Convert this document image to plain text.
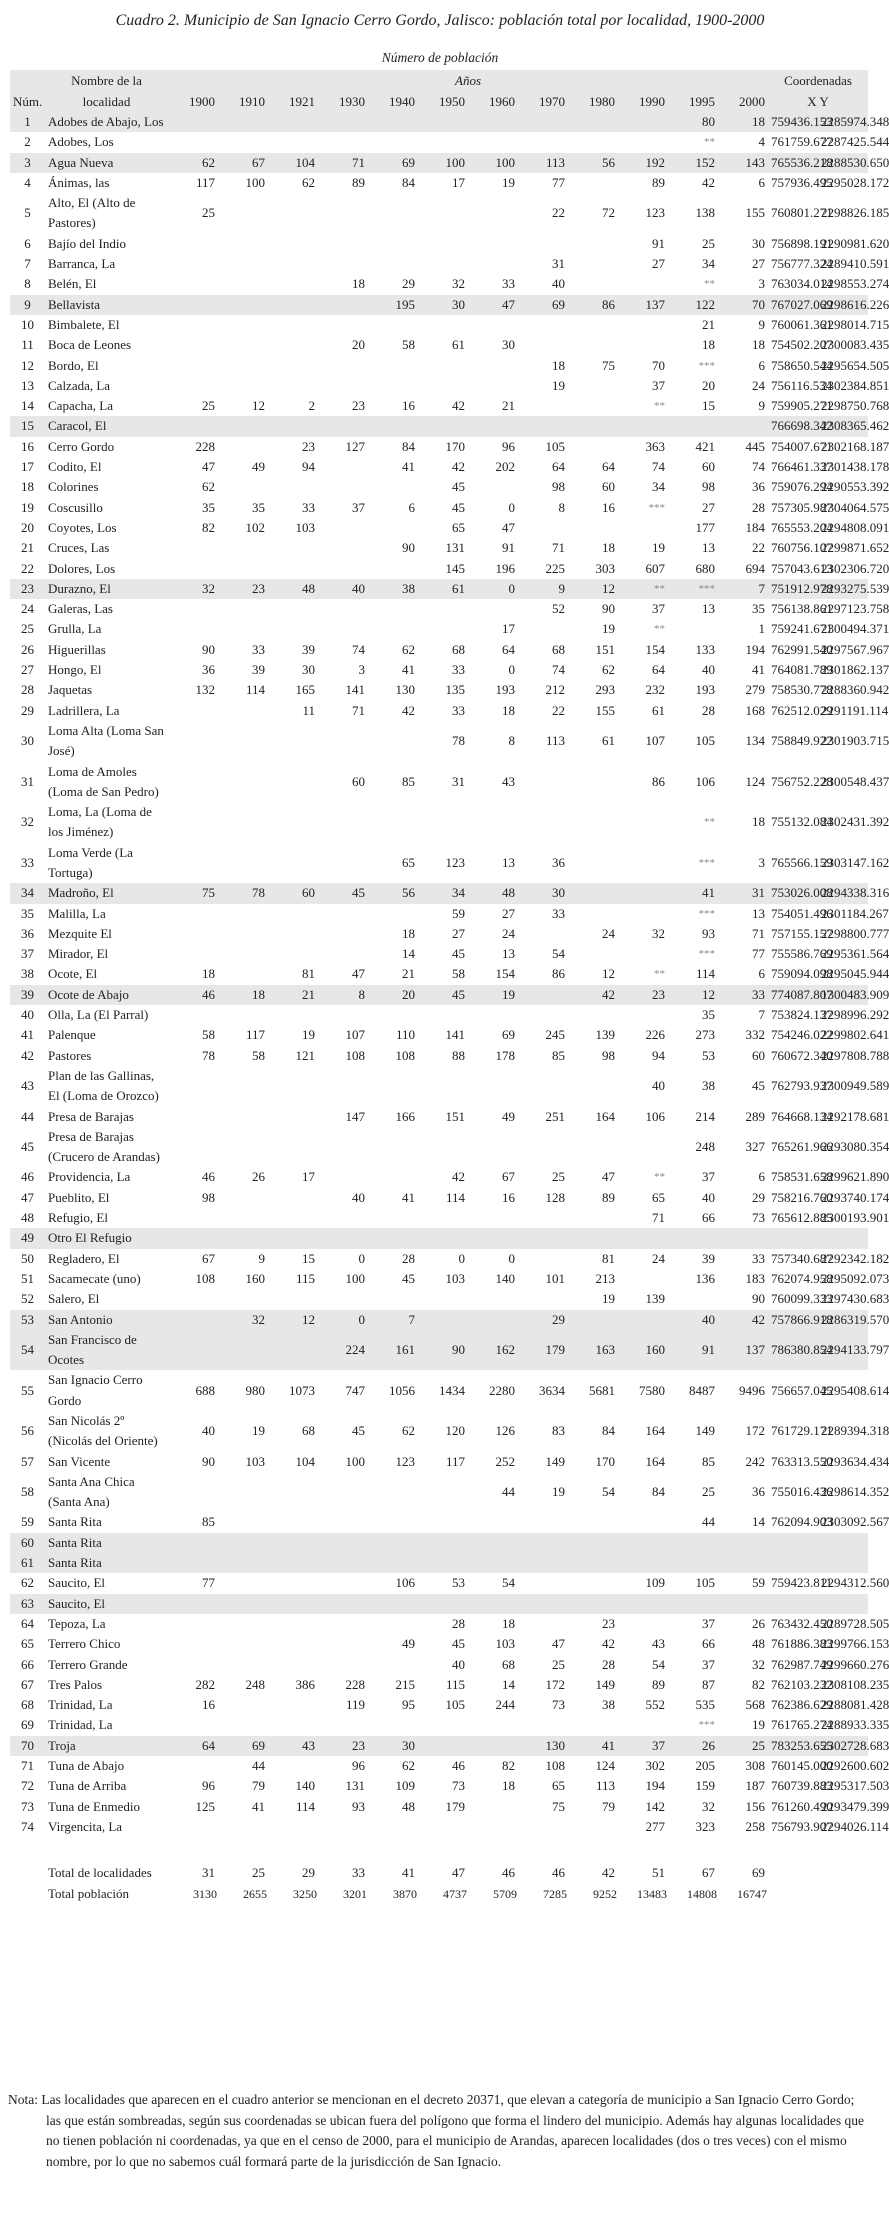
Cuadro 2. Municipio de San Ignacio Cerro Gordo, Jalisco: población total por localidad, 1900-2000
Número de población
	Nombre de la	Años												Coordenadas	
Núm.	localidad	1900	1910	1921	1930	1940	1950	1960	1970	1980	1990	1995	2000	X Y	
1	Adobes de Abajo, Los											80	18	759436.153	2285974.348
2	Adobes, Los											**	4	761759.677	2287425.544
3	Agua Nueva	62	67	104	71	69	100	100	113	56	192	152	143	765536.218	2288530.650
4	Ánimas, las	117	100	62	89	84	17	19	77		89	42	6	757936.495	2295028.172
5	Alto, El (Alto de Pastores)	25							22	72	123	138	155	760801.271	2298826.185
6	Bajío del Indio										91	25	30	756898.191	2290981.620
7	Barranca, La								31		27	34	27	756777.324	2289410.591
8	Belén, El				18	29	32	33	40			**	3	763034.014	2298553.274
9	Bellavista					195	30	47	69	86	137	122	70	767027.069	2298616.226
10	Bimbalete, El											21	9	760061.361	2298014.715
11	Boca de Leones				20	58	61	30				18	18	754502.207	2300083.435
12	Bordo, El								18	75	70	***	6	758650.544	2295654.505
13	Calzada, La								19		37	20	24	756116.534	2302384.851
14	Capacha, La	25	12	2	23	16	42	21			**	15	9	759905.271	2298750.768
15	Caracol, El													766698.342	2308365.462
16	Cerro Gordo	228		23	127	84	170	96	105		363	421	445	754007.671	2302168.187
17	Codito, El	47	49	94		41	42	202	64	64	74	60	74	766461.337	2301438.178
18	Colorines	62					45		98	60	34	98	36	759076.294	2290553.392
19	Coscusillo	35	35	33	37	6	45	0	8	16	***	27	28	757305.987	2304064.575
20	Coyotes, Los	82	102	103			65	47				177	184	765553.204	2294808.091
21	Cruces, Las					90	131	91	71	18	19	13	22	760756.107	2299871.652
22	Dolores, Los						145	196	225	303	607	680	694	757043.613	2302306.720
23	Durazno, El	32	23	48	40	38	61	0	9	12	**	***	7	751912.978	2293275.539
24	Galeras, Las								52	90	37	13	35	756138.861	2297123.758
25	Grulla, La							17		19	**		1	759241.671	2300494.371
26	Higuerillas	90	33	39	74	62	68	64	68	151	154	133	194	762991.540	2297567.967
27	Hongo, El	36	39	30	3	41	33	0	74	62	64	40	41	764081.789	2301862.137
28	Jaquetas	132	114	165	141	130	135	193	212	293	232	193	279	758530.778	2288360.942
29	Ladrillera, La			11	71	42	33	18	22	155	61	28	168	762512.029	2291191.114
30	Loma Alta (Loma San José)						78	8	113	61	107	105	134	758849.922	2301903.715
31	Loma de Amoles (Loma de San Pedro)				60	85	31	43			86	106	124	756752.228	2300548.437
32	Loma, La (Loma de los Jiménez)											**	18	755132.084	2302431.392
33	Loma Verde (La Tortuga)					65	123	13	36			***	3	765566.159	2303147.162
34	Madroño, El	75	78	60	45	56	34	48	30			41	31	753026.008	2294338.316
35	Malilla, La						59	27	33			***	13	754051.496	2301184.267
36	Mezquite El					18	27	24		24	32	93	71	757155.157	2298800.777
37	Mirador, El					14	45	13	54			***	77	755586.769	2295361.564
38	Ocote, El	18		81	47	21	58	154	86	12	**	114	6	759094.098	2295045.944
39	Ocote de Abajo	46	18	21	8	20	45	19		42	23	12	33	774087.807	1300483.909
40	Olla, La (El Parral)											35	7	753824.137	2298996.292
41	Palenque	58	117	19	107	110	141	69	245	139	226	273	332	754246.022	2299802.641
42	Pastores	78	58	121	108	108	88	178	85	98	94	53	60	760672.340	2297808.788
43	Plan de las Gallinas, El (Loma de Orozco)										40	38	45	762793.937	2300949.589
44	Presa de Barajas				147	166	151	49	251	164	106	214	289	764668.134	2292178.681
45	Presa de Barajas (Crucero de Arandas)											248	327	765261.966	2293080.354
46	Providencia, La	46	26	17			42	67	25	47	**	37	6	758531.658	2299621.890
47	Pueblito, El	98			40	41	114	16	128	89	65	40	29	758216.760	2293740.174
48	Refugio, El										71	66	73	765612.885	2300193.901
49	Otro El Refugio														
50	Regladero, El	67	9	15	0	28	0	0		81	24	39	33	757340.687	2292342.182
51	Sacamecate (uno)	108	160	115	100	45	103	140	101	213		136	183	762074.958	2295092.073
52	Salero, El									19	139		90	760099.333	2297430.683
53	San Antonio		32	12	0	7			29			40	42	757866.918	2286319.570
54	San Francisco de Ocotes				224	161	90	162	179	163	160	91	137	786380.854	2294133.797
55	San Ignacio Cerro Gordo	688	980	1073	747	1056	1434	2280	3634	5681	7580	8487	9496	756657.045	2295408.614
56	San Nicolás 2º (Nicolás del Oriente)	40	19	68	45	62	120	126	83	84	164	149	172	761729.171	2289394.318
57	San Vicente	90	103	104	100	123	117	252	149	170	164	85	242	763313.550	2293634.434
58	Santa Ana Chica (Santa Ana)							44	19	54	84	25	36	755016.436	2298614.352
59	Santa Rita	85										44	14	762094.903	2303092.567
60	Santa Rita														
61	Santa Rita														
62	Saucito, El	77				106	53	54			109	105	59	759423.811	2294312.560
63	Saucito, El														
64	Tepoza, La						28	18		23		37	26	763432.450	2289728.505
65	Terrero Chico					49	45	103	47	42	43	66	48	761886.383	2299766.153
66	Terrero Grande						40	68	25	28	54	37	32	762987.749	2299660.276
67	Tres Palos	282	248	386	228	215	115	14	172	149	89	87	82	762103.232	2308108.235
68	Trinidad, La	16			119	95	105	244	73	38	552	535	568	762386.629	2288081.428
69	Trinidad, La											***	19	761765.274	2288933.335
70	Troja	64	69	43	23	30			130	41	37	26	25	783253.655	2302728.683
71	Tuna de Abajo		44		96	62	46	82	108	124	302	205	308	760145.000	2292600.602
72	Tuna de Arriba	96	79	140	131	109	73	18	65	113	194	159	187	760739.883	2295317.503
73	Tuna de Enmedio	125	41	114	93	48	179		75	79	142	32	156	761260.490	2293479.399
74	Virgencita, La										277	323	258	756793.907	2294026.114

	Total de localidades	31	25	29	33	41	47	46	46	42	51	67	69		
	Total población	3130	2655	3250	3201	3870	4737	5709	7285	9252	13483	14808	16747		
Nota: Las localidades que aparecen en el cuadro anterior se mencionan en el decreto 20371, que elevan a categoría de municipio a San Ignacio Cerro Gordo; las que están sombreadas, según sus coordenadas se ubican fuera del polígono que forma el lindero del municipio. Además hay algunas localidades que no tienen población ni coordenadas, ya que en el censo de 2000, para el municipio de Arandas, aparecen localidades (dos o tres veces) con el mismo nombre, por lo que no sabemos cuál formará parte de la jurisdicción de San Ignacio.
